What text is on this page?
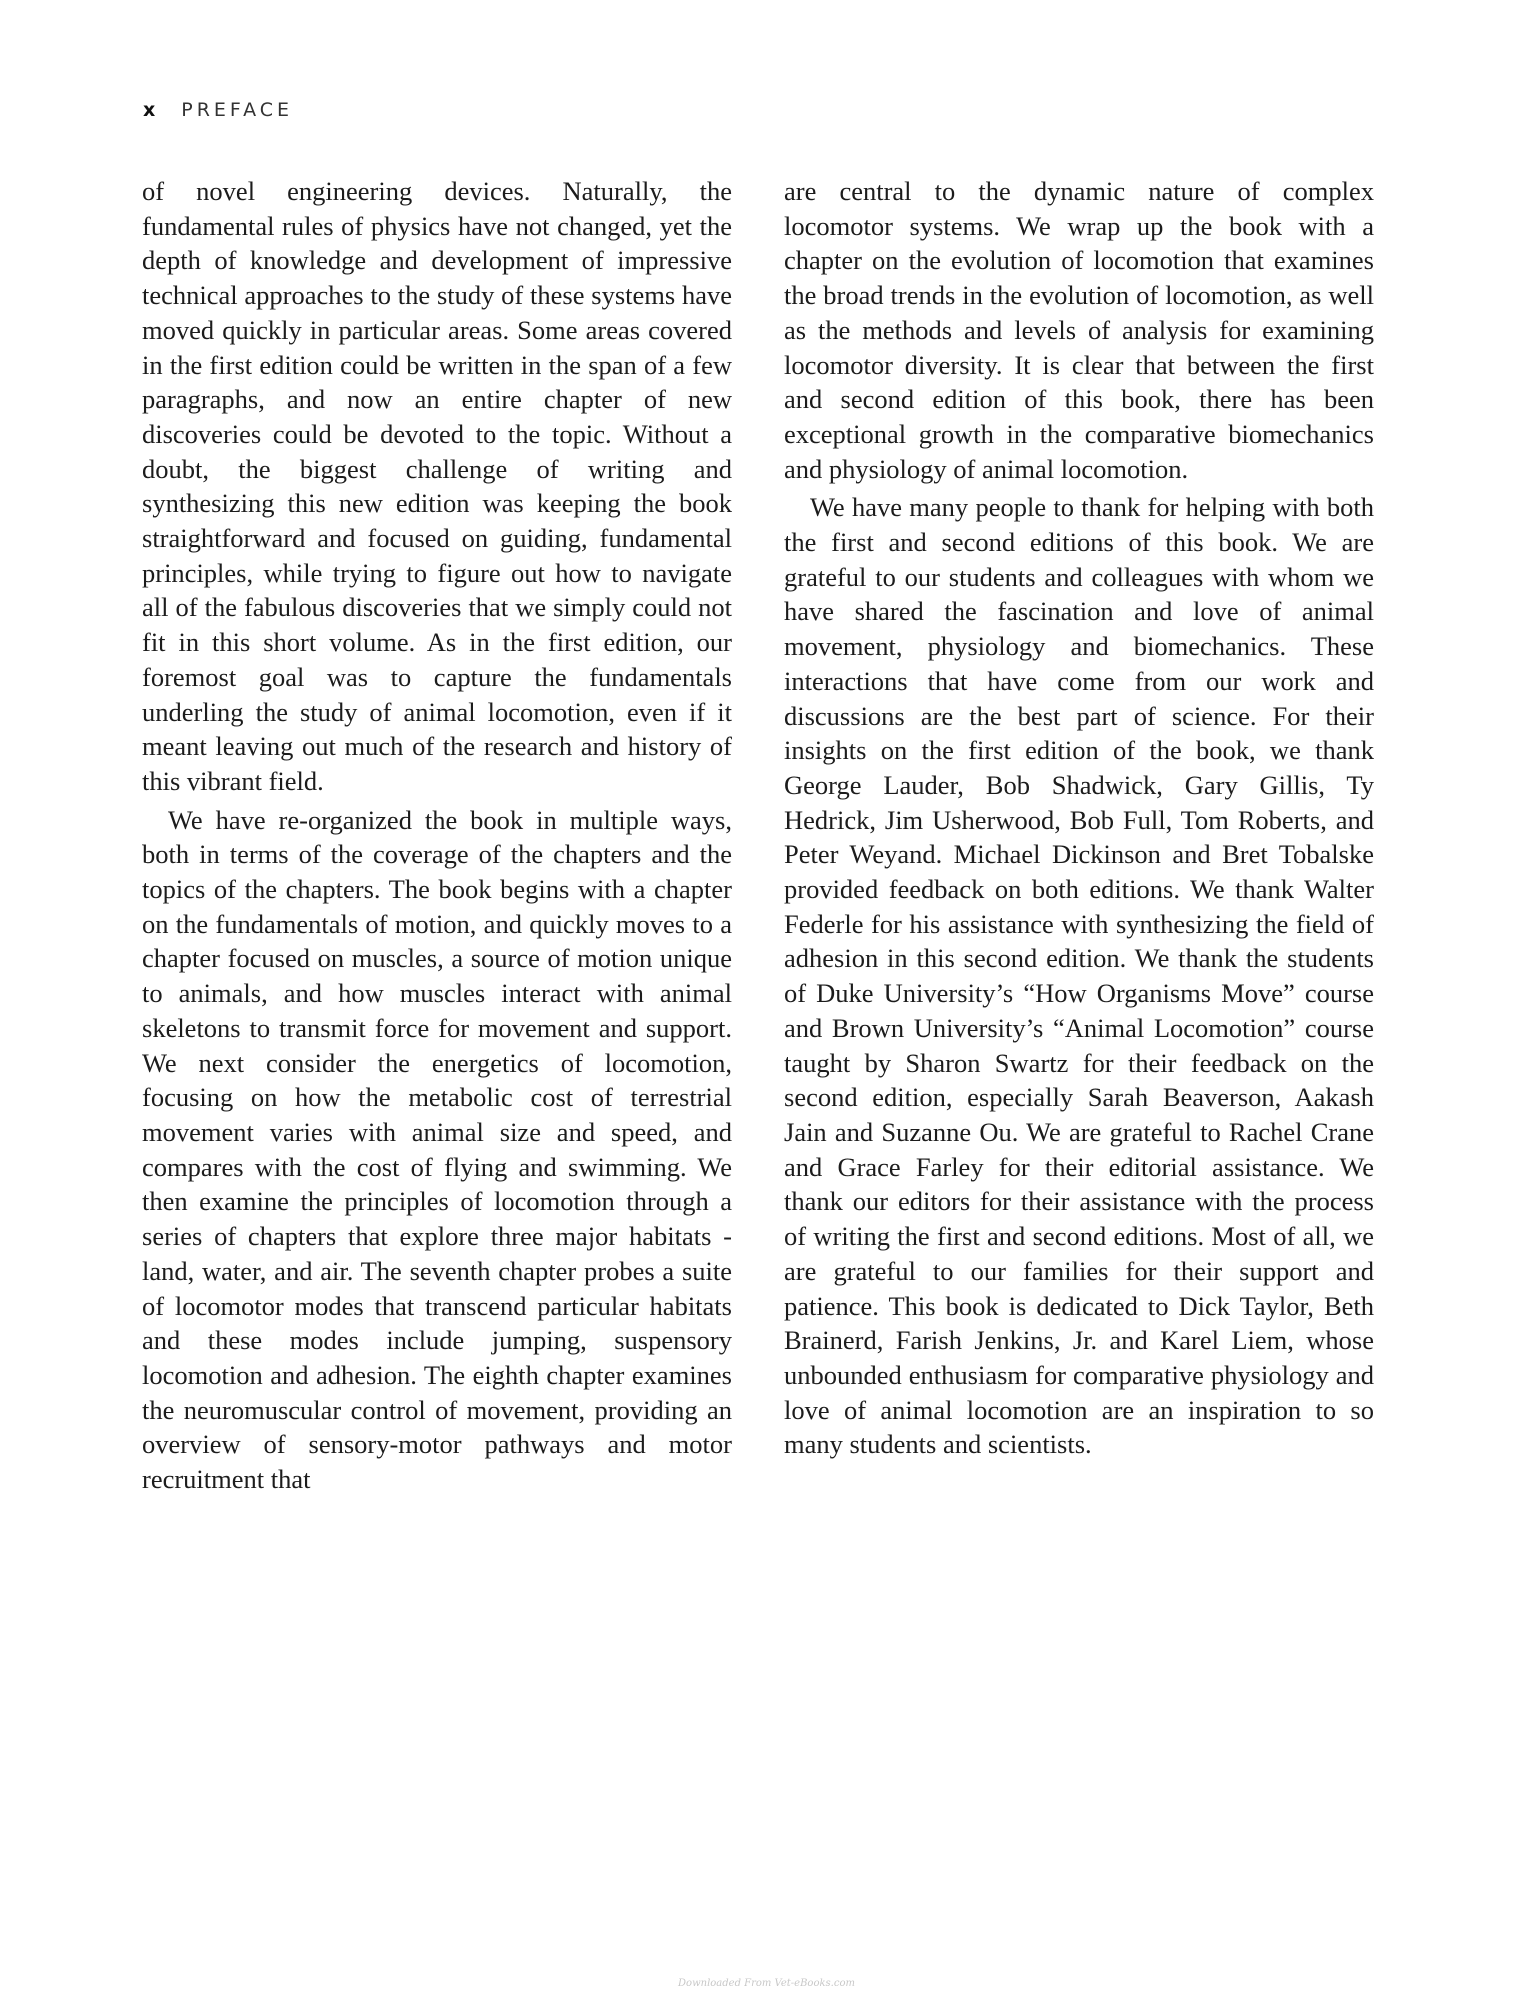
x PREFACE

of novel engineering devices. Naturally, the fundamental rules of physics have not changed, yet the depth of knowledge and development of impressive technical approaches to the study of these systems have moved quickly in particular areas. Some areas covered in the first edition could be written in the span of a few paragraphs, and now an entire chapter of new discoveries could be devoted to the topic. Without a doubt, the biggest challenge of writing and synthesizing this new edition was keeping the book straightforward and focused on guiding, fundamental principles, while trying to figure out how to navigate all of the fabulous discoveries that we simply could not fit in this short volume. As in the first edition, our foremost goal was to capture the fundamentals underling the study of animal locomotion, even if it meant leaving out much of the research and history of this vibrant field.

We have re-organized the book in multiple ways, both in terms of the coverage of the chapters and the topics of the chapters. The book begins with a chapter on the fundamentals of motion, and quickly moves to a chapter focused on muscles, a source of motion unique to animals, and how muscles interact with animal skeletons to transmit force for movement and support. We next consider the energetics of locomotion, focusing on how the metabolic cost of terrestrial movement varies with animal size and speed, and compares with the cost of flying and swimming. We then examine the principles of locomotion through a series of chapters that explore three major habitats - land, water, and air. The seventh chapter probes a suite of locomotor modes that transcend particular habitats and these modes include jumping, suspensory locomotion and adhesion. The eighth chapter examines the neuromuscular control of movement, providing an overview of sensory-motor pathways and motor recruitment that

are central to the dynamic nature of complex locomotor systems. We wrap up the book with a chapter on the evolution of locomotion that examines the broad trends in the evolution of locomotion, as well as the methods and levels of analysis for examining locomotor diversity. It is clear that between the first and second edition of this book, there has been exceptional growth in the comparative biomechanics and physiology of animal locomotion.

We have many people to thank for helping with both the first and second editions of this book. We are grateful to our students and colleagues with whom we have shared the fascination and love of animal movement, physiology and biomechanics. These interactions that have come from our work and discussions are the best part of science. For their insights on the first edition of the book, we thank George Lauder, Bob Shadwick, Gary Gillis, Ty Hedrick, Jim Usherwood, Bob Full, Tom Roberts, and Peter Weyand. Michael Dickinson and Bret Tobalske provided feedback on both editions. We thank Walter Federle for his assistance with synthesizing the field of adhesion in this second edition. We thank the students of Duke University’s “How Organisms Move” course and Brown University’s “Animal Locomotion” course taught by Sharon Swartz for their feedback on the second edition, especially Sarah Beaverson, Aakash Jain and Suzanne Ou. We are grateful to Rachel Crane and Grace Farley for their editorial assistance. We thank our editors for their assistance with the process of writing the first and second editions. Most of all, we are grateful to our families for their support and patience. This book is dedicated to Dick Taylor, Beth Brainerd, Farish Jenkins, Jr. and Karel Liem, whose unbounded enthusiasm for comparative physiology and love of animal locomotion are an inspiration to so many students and scientists.

Downloaded From Vet-eBooks.com
